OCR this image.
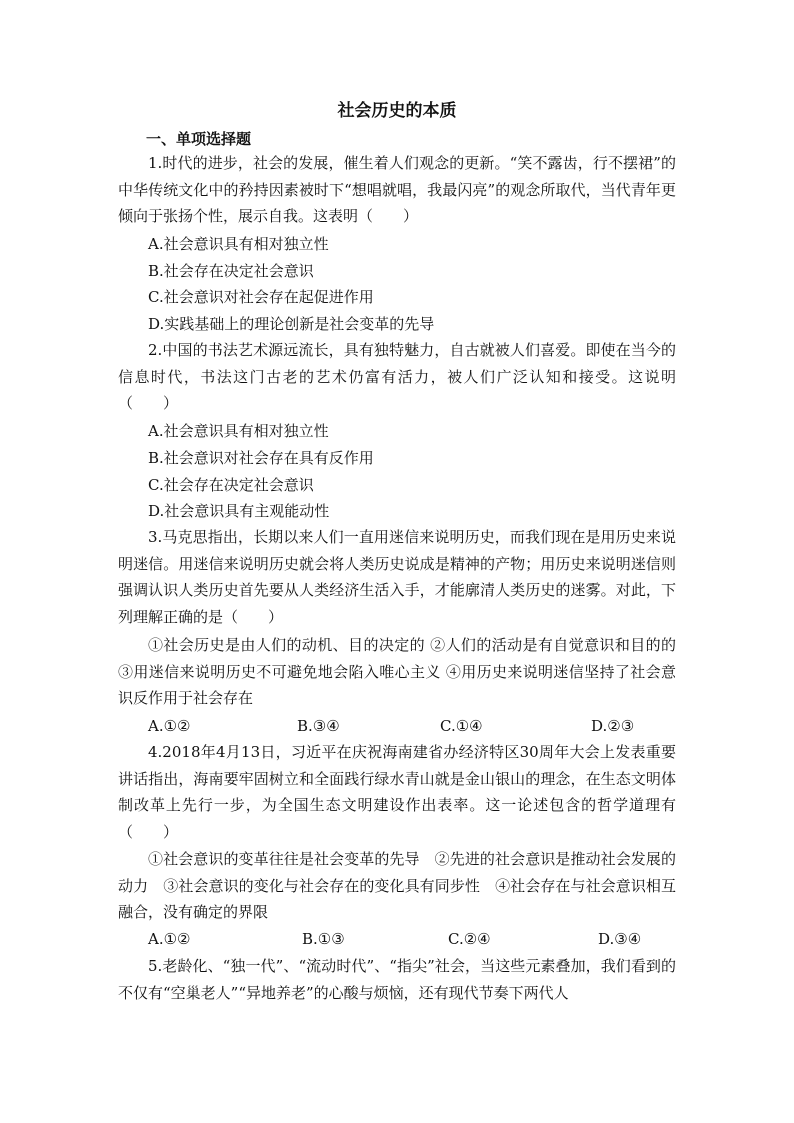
社会历史的本质
一、单项选择题
1.时代的进步，社会的发展，催生着人们观念的更新。“笑不露齿，行不摆裙”的中华传统文化中的矜持因素被时下“想唱就唱，我最闪亮”的观念所取代，当代青年更倾向于张扬个性，展示自我。这表明（　　）
A.社会意识具有相对独立性
B.社会存在决定社会意识
C.社会意识对社会存在起促进作用
D.实践基础上的理论创新是社会变革的先导
2.中国的书法艺术源远流长，具有独特魅力，自古就被人们喜爱。即使在当今的信息时代，书法这门古老的艺术仍富有活力，被人们广泛认知和接受。这说明（　　）
A.社会意识具有相对独立性
B.社会意识对社会存在具有反作用
C.社会存在决定社会意识
D.社会意识具有主观能动性
3.马克思指出，长期以来人们一直用迷信来说明历史，而我们现在是用历史来说明迷信。用迷信来说明历史就会将人类历史说成是精神的产物；用历史来说明迷信则强调认识人类历史首先要从人类经济生活入手，才能廓清人类历史的迷雾。对此，下列理解正确的是（　　）
①社会历史是由人们的动机、目的决定的 ②人们的活动是有自觉意识和目的的③用迷信来说明历史不可避免地会陷入唯心主义 ④用历史来说明迷信坚持了社会意识反作用于社会存在
A.①②	B.③④	C.①④	D.②③
4.2018年4月13日，习近平在庆祝海南建省办经济特区30周年大会上发表重要讲话指出，海南要牢固树立和全面践行绿水青山就是金山银山的理念，在生态文明体制改革上先行一步，为全国生态文明建设作出表率。这一论述包含的哲学道理有（　　）
①社会意识的变革往往是社会变革的先导　②先进的社会意识是推动社会发展的动力　③社会意识的变化与社会存在的变化具有同步性　④社会存在与社会意识相互融合，没有确定的界限
A.①②	B.①③	C.②④	D.③④
5.老龄化、“独一代”、“流动时代”、“指尖”社会，当这些元素叠加，我们看到的不仅有“空巢老人”“异地养老”的心酸与烦恼，还有现代节奏下两代人
